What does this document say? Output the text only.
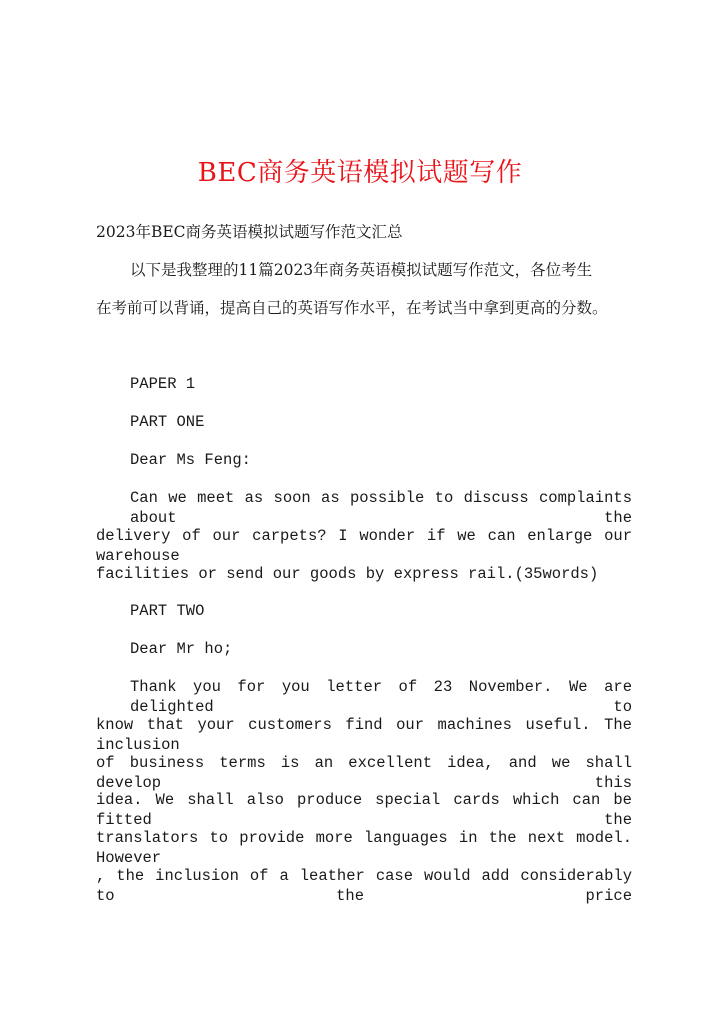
BEC商务英语模拟试题写作
2023年BEC商务英语模拟试题写作范文汇总
以下是我整理的11篇2023年商务英语模拟试题写作范文，各位考生
在考前可以背诵，提高自己的英语写作水平，在考试当中拿到更高的分数。
PAPER 1
PART ONE
Dear Ms Feng:
Can we meet as soon as possible to discuss complaints about the
delivery of our carpets? I wonder if we can enlarge our warehouse
facilities or send our goods by express rail.(35words)
PART TWO
Dear Mr ho;
Thank you for you letter of 23 November. We are delighted to
know that your customers find our machines useful. The inclusion
of business terms is an excellent idea, and we shall develop this
idea. We shall also produce special cards which can be fitted the
translators to provide more languages in the next model. However
, the inclusion of a leather case would add considerably to the price
